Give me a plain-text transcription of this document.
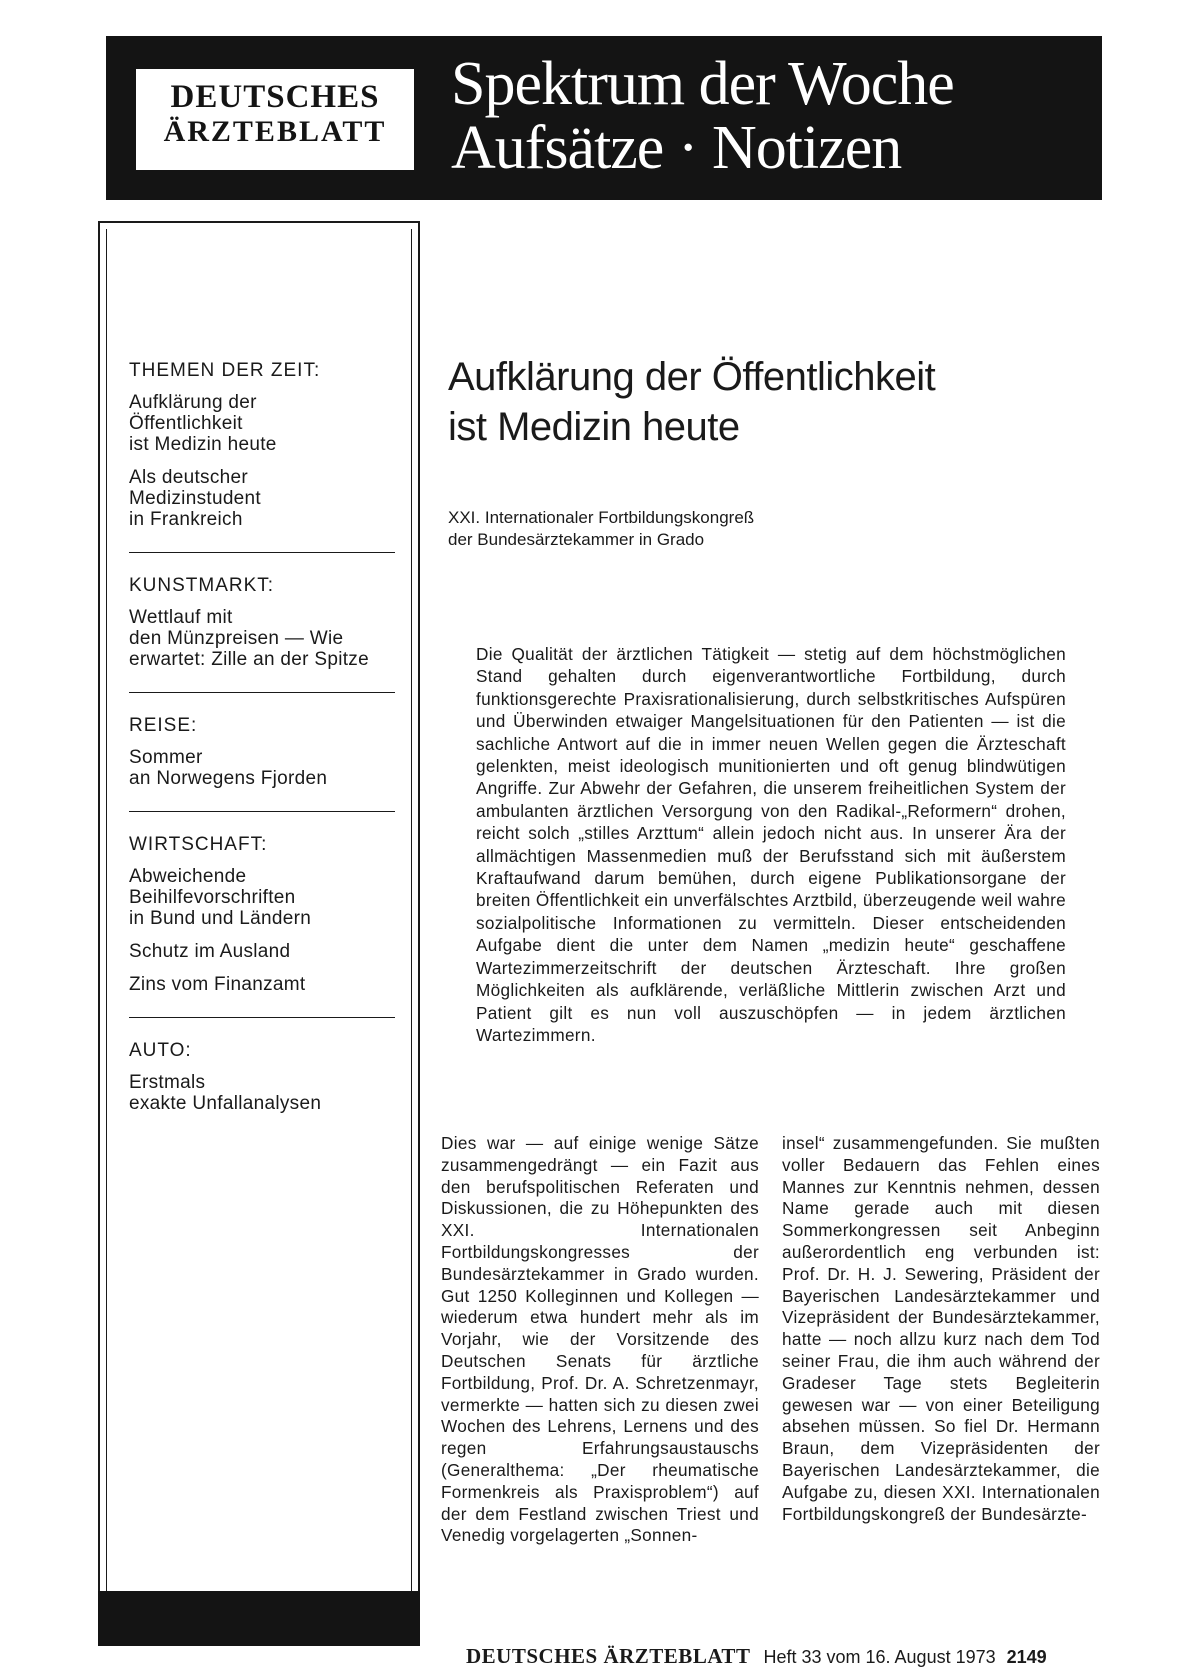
DEUTSCHES
ÄRZTEBLATT
Spektrum der Woche
Aufsätze · Notizen
THEMEN DER ZEIT:
Aufklärung der
Öffentlichkeit
ist Medizin heute
Als deutscher
Medizinstudent
in Frankreich
KUNSTMARKT:
Wettlauf mit
den Münzpreisen — Wie
erwartet: Zille an der Spitze
REISE:
Sommer
an Norwegens Fjorden
WIRTSCHAFT:
Abweichende
Beihilfevorschriften
in Bund und Ländern
Schutz im Ausland
Zins vom Finanzamt
AUTO:
Erstmals
exakte Unfallanalysen
Aufklärung der Öffentlichkeit
ist Medizin heute
XXI. Internationaler Fortbildungskongreß
der Bundesärztekammer in Grado
Die Qualität der ärztlichen Tätigkeit — stetig auf dem höchstmöglichen Stand gehalten durch eigenverantwortliche Fortbildung, durch funktionsgerechte Praxisrationalisierung, durch selbstkritisches Aufspüren und Überwinden etwaiger Mangelsituationen für den Patienten — ist die sachliche Antwort auf die in immer neuen Wellen gegen die Ärzteschaft gelenkten, meist ideologisch munitionierten und oft genug blindwütigen Angriffe. Zur Abwehr der Gefahren, die unserem freiheitlichen System der ambulanten ärztlichen Versorgung von den Radikal-„Reformern“ drohen, reicht solch „stilles Arzttum“ allein jedoch nicht aus. In unserer Ära der allmächtigen Massenmedien muß der Berufsstand sich mit äußerstem Kraftaufwand darum bemühen, durch eigene Publikationsorgane der breiten Öffentlichkeit ein unverfälschtes Arztbild, überzeugende weil wahre sozialpolitische Informationen zu vermitteln. Dieser entscheidenden Aufgabe dient die unter dem Namen „medizin heute“ geschaffene Wartezimmerzeitschrift der deutschen Ärzteschaft. Ihre großen Möglichkeiten als aufklärende, verläßliche Mittlerin zwischen Arzt und Patient gilt es nun voll auszuschöpfen — in jedem ärztlichen Wartezimmern.
Dies war — auf einige wenige Sätze zusammengedrängt — ein Fazit aus den berufspolitischen Referaten und Diskussionen, die zu Höhepunkten des XXI. Internationalen Fortbildungskongresses der Bundesärztekammer in Grado wurden. Gut 1250 Kolleginnen und Kollegen — wiederum etwa hundert mehr als im Vorjahr, wie der Vorsitzende des Deutschen Senats für ärztliche Fortbildung, Prof. Dr. A. Schretzenmayr, vermerkte — hatten sich zu diesen zwei Wochen des Lehrens, Lernens und des regen Erfahrungsaustauschs (Generalthema: „Der rheumatische Formenkreis als Praxisproblem“) auf der dem Festland zwischen Triest und Venedig vorgelagerten „Sonnen-
insel“ zusammengefunden. Sie mußten voller Bedauern das Fehlen eines Mannes zur Kenntnis nehmen, dessen Name gerade auch mit diesen Sommerkongressen seit Anbeginn außerordentlich eng verbunden ist: Prof. Dr. H. J. Sewering, Präsident der Bayerischen Landesärztekammer und Vizepräsident der Bundesärztekammer, hatte — noch allzu kurz nach dem Tod seiner Frau, die ihm auch während der Gradeser Tage stets Begleiterin gewesen war — von einer Beteiligung absehen müssen. So fiel Dr. Hermann Braun, dem Vizepräsidenten der Bayerischen Landesärztekammer, die Aufgabe zu, diesen XXI. Internationalen Fortbildungskongreß der Bundesärzte-
DEUTSCHES ÄRZTEBLATT Heft 33 vom 16. August 1973 2149
